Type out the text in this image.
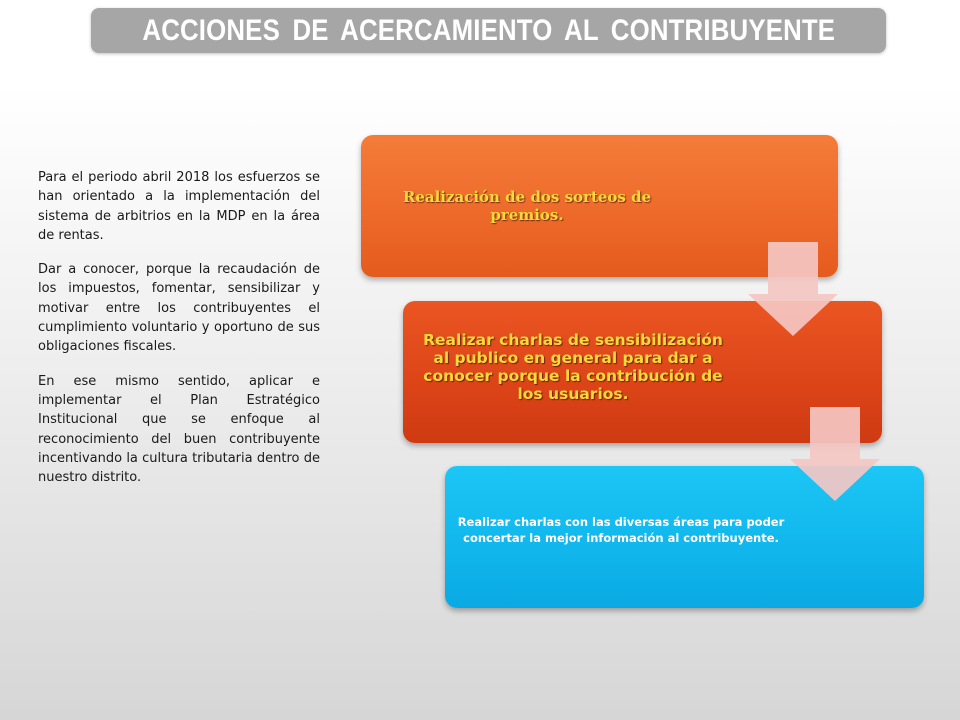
ACCIONES DE ACERCAMIENTO AL CONTRIBUYENTE

Para el periodo abril 2018 los esfuerzos se han orientado a la implementación del sistema de arbitrios en la MDP en la área de rentas.

Dar a conocer, porque la recaudación de los impuestos, fomentar, sensibilizar y motivar entre los contribuyentes el cumplimiento voluntario y oportuno de sus obligaciones fiscales.

En ese mismo sentido, aplicar e implementar el Plan Estratégico Institucional que se enfoque al reconocimiento del buen contribuyente incentivando la cultura tributaria dentro de nuestro distrito.

Realización de dos sorteos de premios.
Realizar charlas de sensibilización al publico en general para dar a conocer porque la contribución de los usuarios.
Realizar charlas con las diversas áreas para poder concertar la mejor información al contribuyente.
